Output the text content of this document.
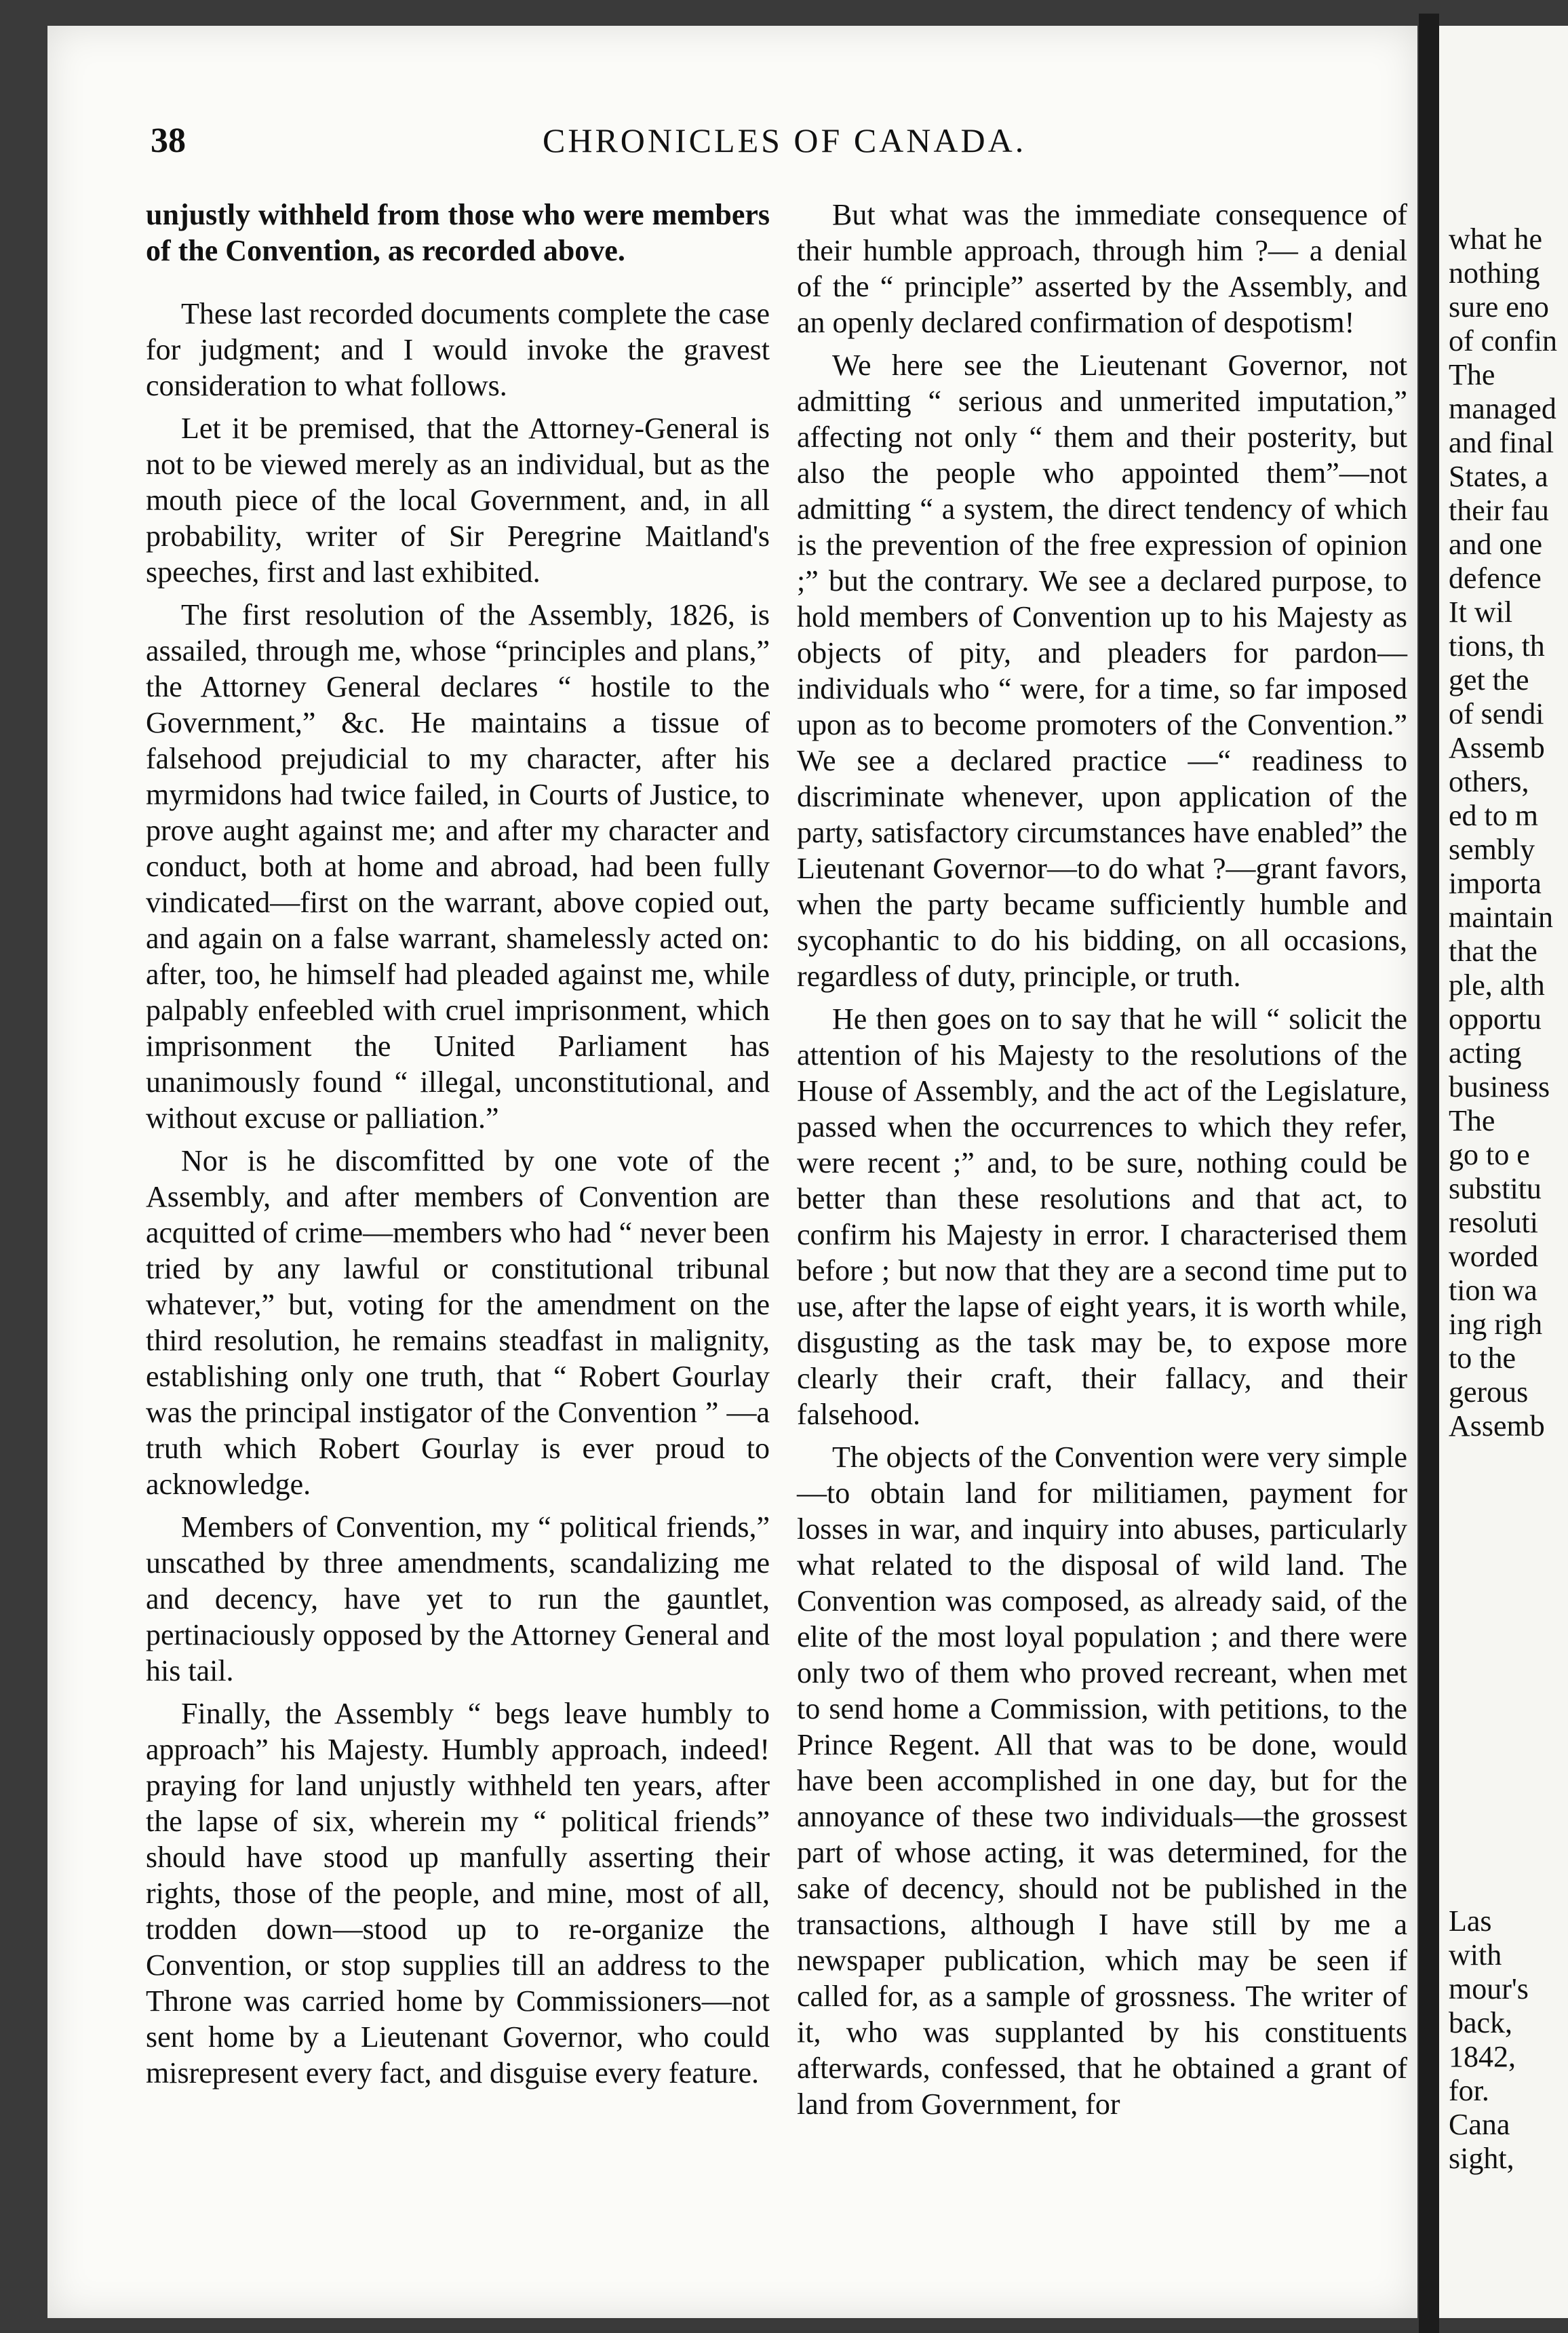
what he
nothing
sure eno
of confin
The
managed
and final
States, a
their fau
and one
defence
It wil
tions, th
get the
of sendi
Assemb
others,
ed to m
sembly
importa
maintain
that the
ple, alth
opportu
acting
business
The
go to e
substitu
resoluti
worded
tion wa
ing righ
to the
gerous
Assemb
Las
with
mour's
back,
1842,
for.
Cana
sight,
38	CHRONICLES OF CANADA.

unjustly withheld from those who were members of the Convention, as recorded above.

These last recorded documents complete the case for judgment; and I would invoke the gravest consideration to what follows.

Let it be premised, that the Attorney-General is not to be viewed merely as an individual, but as the mouth piece of the local Government, and, in all probability, writer of Sir Peregrine Maitland's speeches, first and last exhibited.

The first resolution of the Assembly, 1826, is assailed, through me, whose “principles and plans,” the Attorney General declares “ hostile to the Government,” &c. He maintains a tissue of falsehood prejudicial to my character, after his myrmidons had twice failed, in Courts of Justice, to prove aught against me; and after my character and conduct, both at home and abroad, had been fully vindicated—first on the warrant, above copied out, and again on a false warrant, shamelessly acted on: after, too, he himself had pleaded against me, while palpably enfeebled with cruel imprisonment, which imprisonment the United Parliament has unanimously found “ illegal, unconstitutional, and without excuse or palliation.”

Nor is he discomfitted by one vote of the Assembly, and after members of Convention are acquitted of crime—members who had “ never been tried by any lawful or constitutional tribunal whatever,” but, voting for the amendment on the third resolution, he remains steadfast in malignity, establishing only one truth, that “ Robert Gourlay was the principal instigator of the Convention ” —a truth which Robert Gourlay is ever proud to acknowledge.

Members of Convention, my “ political friends,” unscathed by three amendments, scandalizing me and decency, have yet to run the gauntlet, pertinaciously opposed by the Attorney General and his tail.

Finally, the Assembly “ begs leave humbly to approach” his Majesty. Humbly approach, indeed! praying for land unjustly withheld ten years, after the lapse of six, wherein my “ political friends” should have stood up manfully asserting their rights, those of the people, and mine, most of all, trodden down—stood up to re-organize the Convention, or stop supplies till an address to the Throne was carried home by Commissioners—not sent home by a Lieutenant Governor, who could misrepresent every fact, and disguise every feature.

But what was the immediate consequence of their humble approach, through him ?— a denial of the “ principle” asserted by the Assembly, and an openly declared confirmation of despotism!

We here see the Lieutenant Governor, not admitting “ serious and unmerited imputation,” affecting not only “ them and their posterity, but also the people who appointed them”—not admitting “ a system, the direct tendency of which is the prevention of the free expression of opinion ;” but the contrary. We see a declared purpose, to hold members of Convention up to his Majesty as objects of pity, and pleaders for pardon— individuals who “ were, for a time, so far imposed upon as to become promoters of the Convention.” We see a declared practice —“ readiness to discriminate whenever, upon application of the party, satisfactory circumstances have enabled” the Lieutenant Governor—to do what ?—grant favors, when the party became sufficiently humble and sycophantic to do his bidding, on all occasions, regardless of duty, principle, or truth.

He then goes on to say that he will “ solicit the attention of his Majesty to the resolutions of the House of Assembly, and the act of the Legislature, passed when the occurrences to which they refer, were recent ;” and, to be sure, nothing could be better than these resolutions and that act, to confirm his Majesty in error. I characterised them before ; but now that they are a second time put to use, after the lapse of eight years, it is worth while, disgusting as the task may be, to expose more clearly their craft, their fallacy, and their falsehood.

The objects of the Convention were very simple—to obtain land for militiamen, payment for losses in war, and inquiry into abuses, particularly what related to the disposal of wild land. The Convention was composed, as already said, of the elite of the most loyal population ; and there were only two of them who proved recreant, when met to send home a Commission, with petitions, to the Prince Regent. All that was to be done, would have been accomplished in one day, but for the annoyance of these two individuals—the grossest part of whose acting, it was determined, for the sake of decency, should not be published in the transactions, although I have still by me a newspaper publication, which may be seen if called for, as a sample of grossness. The writer of it, who was supplanted by his constituents afterwards, confessed, that he obtained a grant of land from Government, for
